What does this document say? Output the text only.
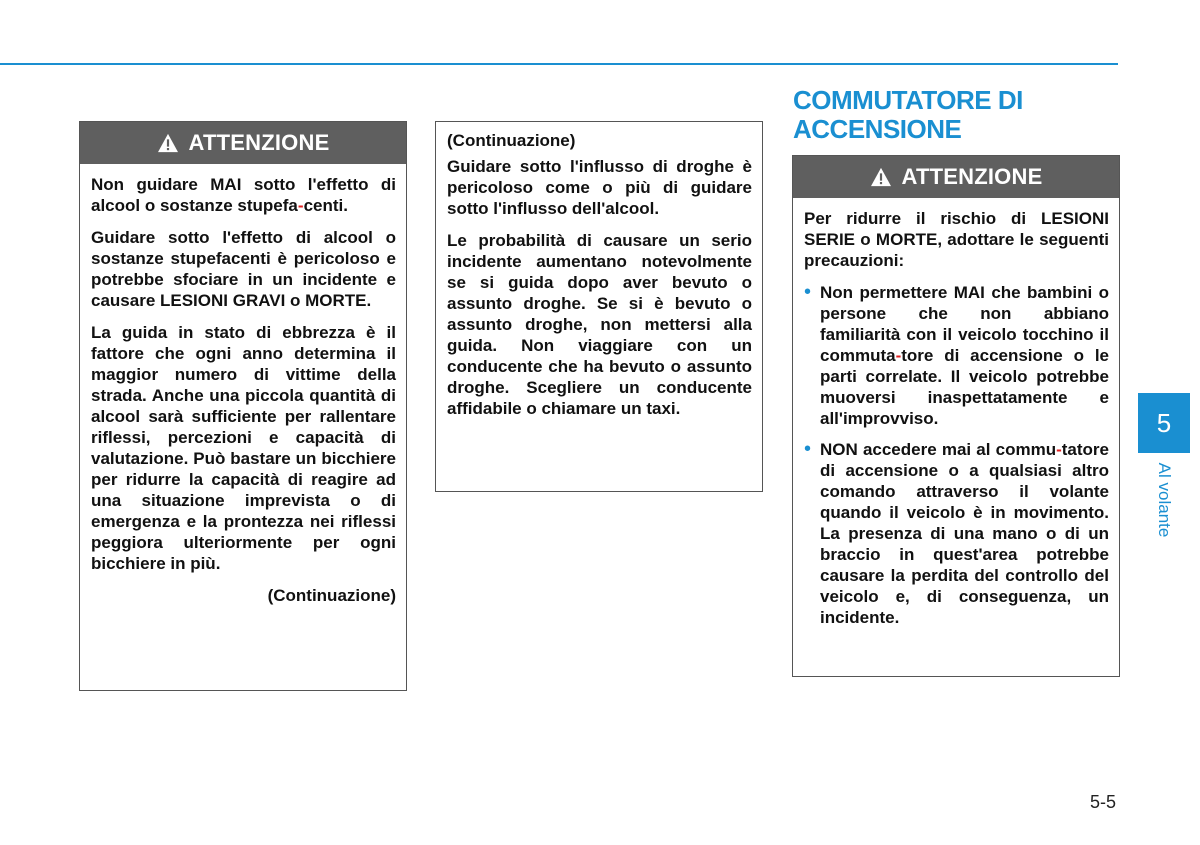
ATTENZIONE

Non guidare MAI sotto l'effetto di alcool o sostanze stupefa-centi.

Guidare sotto l'effetto di alcool o sostanze stupefacenti è pericoloso e potrebbe sfociare in un incidente e causare LESIONI GRAVI o MORTE.

La guida in stato di ebbrezza è il fattore che ogni anno determina il maggior numero di vittime della strada. Anche una piccola quantità di alcool sarà sufficiente per rallentare riflessi, percezioni e capacità di valutazione. Può bastare un bicchiere per ridurre la capacità di reagire ad una situazione imprevista o di emergenza e la prontezza nei riflessi peggiora ulteriormente per ogni bicchiere in più.

(Continuazione)

(Continuazione)

Guidare sotto l'influsso di droghe è pericoloso come o più di guidare sotto l'influsso dell'alcool.

Le probabilità di causare un serio incidente aumentano notevolmente se si guida dopo aver bevuto o assunto droghe. Se si è bevuto o assunto droghe, non mettersi alla guida. Non viaggiare con un conducente che ha bevuto o assunto droghe. Scegliere un conducente affidabile o chiamare un taxi.

COMMUTATORE DI ACCENSIONE
ATTENZIONE

Per ridurre il rischio di LESIONI SERIE o MORTE, adottare le seguenti precauzioni:

• Non permettere MAI che bambini o persone che non abbiano familiarità con il veicolo tocchino il commuta-tore di accensione o le parti correlate. Il veicolo potrebbe muoversi inaspettatamente e all'improvviso.

• NON accedere mai al commu-tatore di accensione o a qualsiasi altro comando attraverso il volante quando il veicolo è in movimento. La presenza di una mano o di un braccio in quest'area potrebbe causare la perdita del controllo del veicolo e, di conseguenza, un incidente.

5
Al volante
5-5
